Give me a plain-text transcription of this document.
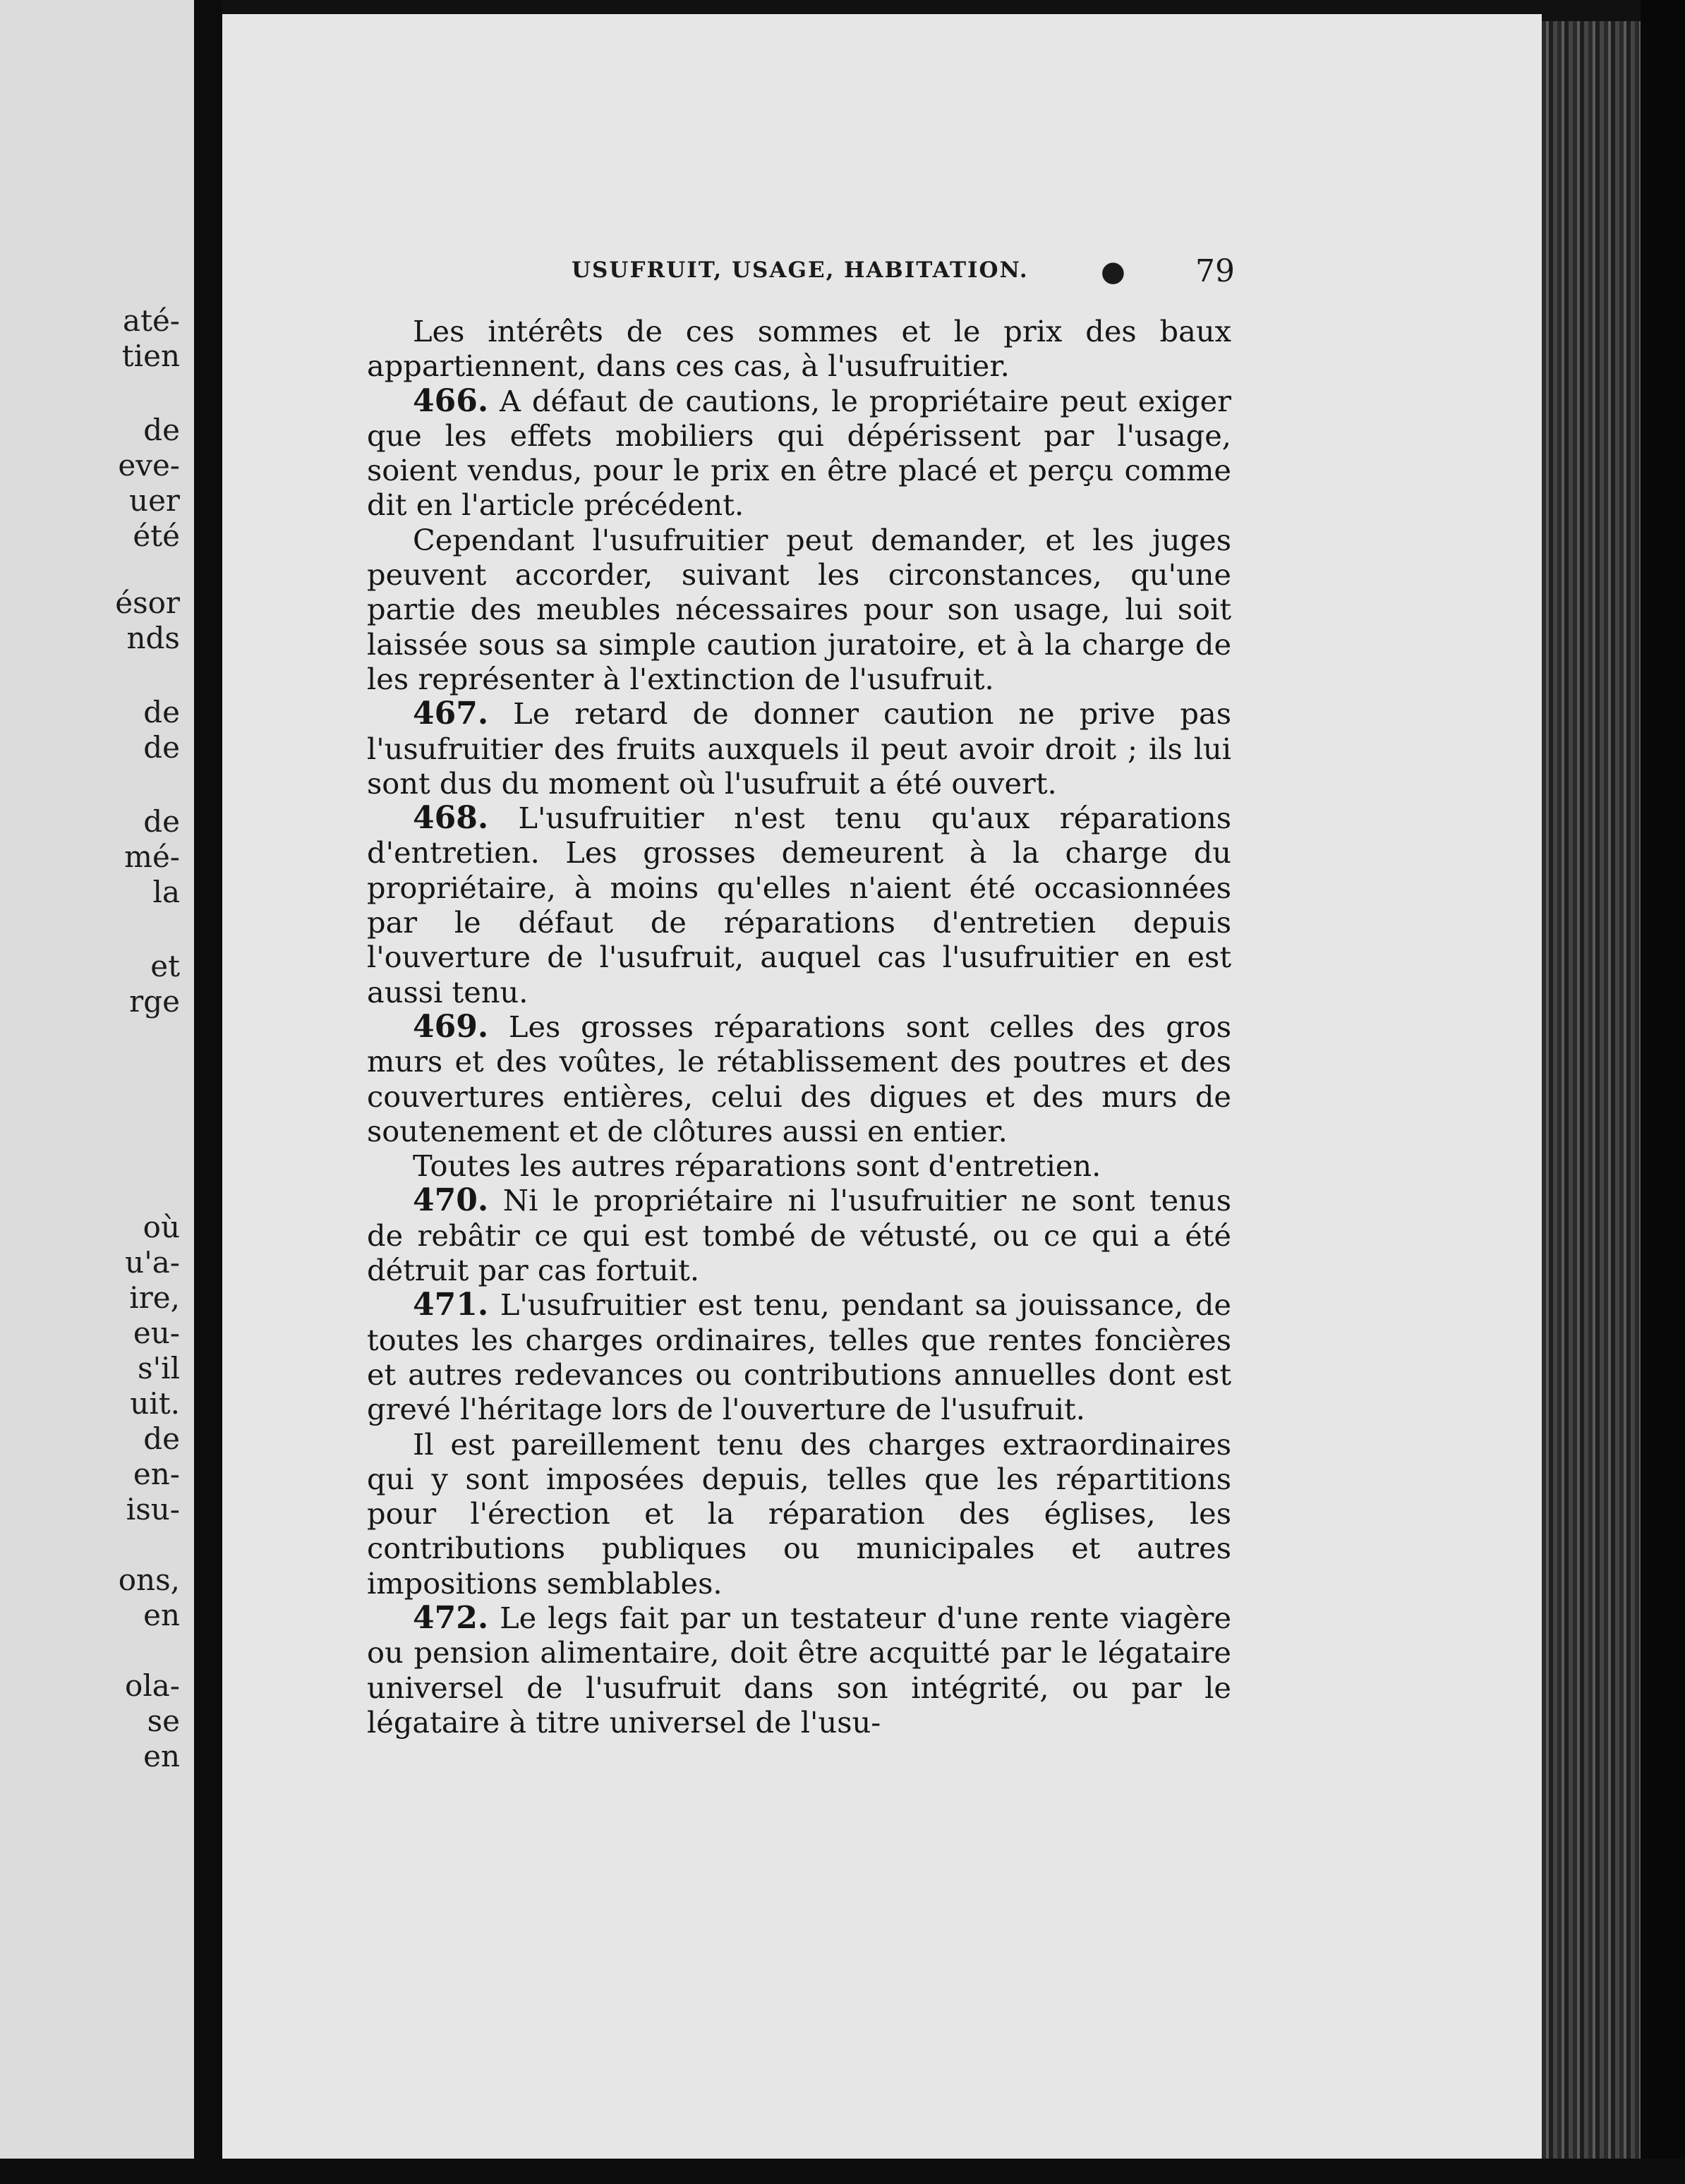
até-
tien
de
eve-
uer
été
ésor
nds
de
de
de
mé-
la
et
rge
où
u'a-
ire,
eu-
s'il
uit.
de
en-
isu-
ons,
en
ola-
se
en
USUFRUIT, USAGE, HABITATION.	● 79

Les intérêts de ces sommes et le prix des baux appartiennent, dans ces cas, à l'usufruitier.

466. A défaut de cautions, le propriétaire peut exiger que les effets mobiliers qui dépérissent par l'usage, soient vendus, pour le prix en être placé et perçu comme dit en l'article précédent.

Cependant l'usufruitier peut demander, et les juges peuvent accorder, suivant les circonstances, qu'une partie des meubles nécessaires pour son usage, lui soit laissée sous sa simple caution juratoire, et à la charge de les représenter à l'extinction de l'usufruit.

467. Le retard de donner caution ne prive pas l'usufruitier des fruits auxquels il peut avoir droit ; ils lui sont dus du moment où l'usufruit a été ouvert.

468. L'usufruitier n'est tenu qu'aux réparations d'entretien. Les grosses demeurent à la charge du propriétaire, à moins qu'elles n'aient été occasionnées par le défaut de réparations d'entretien depuis l'ouverture de l'usufruit, auquel cas l'usufruitier en est aussi tenu.

469. Les grosses réparations sont celles des gros murs et des voûtes, le rétablissement des poutres et des couvertures entières, celui des digues et des murs de soutenement et de clôtures aussi en entier.

Toutes les autres réparations sont d'entretien.

470. Ni le propriétaire ni l'usufruitier ne sont tenus de rebâtir ce qui est tombé de vétusté, ou ce qui a été détruit par cas fortuit.

471. L'usufruitier est tenu, pendant sa jouissance, de toutes les charges ordinaires, telles que rentes foncières et autres redevances ou contributions annuelles dont est grevé l'héritage lors de l'ouverture de l'usufruit.

Il est pareillement tenu des charges extraordinaires qui y sont imposées depuis, telles que les répartitions pour l'érection et la réparation des églises, les contributions publiques ou municipales et autres impositions semblables.

472. Le legs fait par un testateur d'une rente viagère ou pension alimentaire, doit être acquitté par le légataire universel de l'usufruit dans son intégrité, ou par le légataire à titre universel de l'usu-
